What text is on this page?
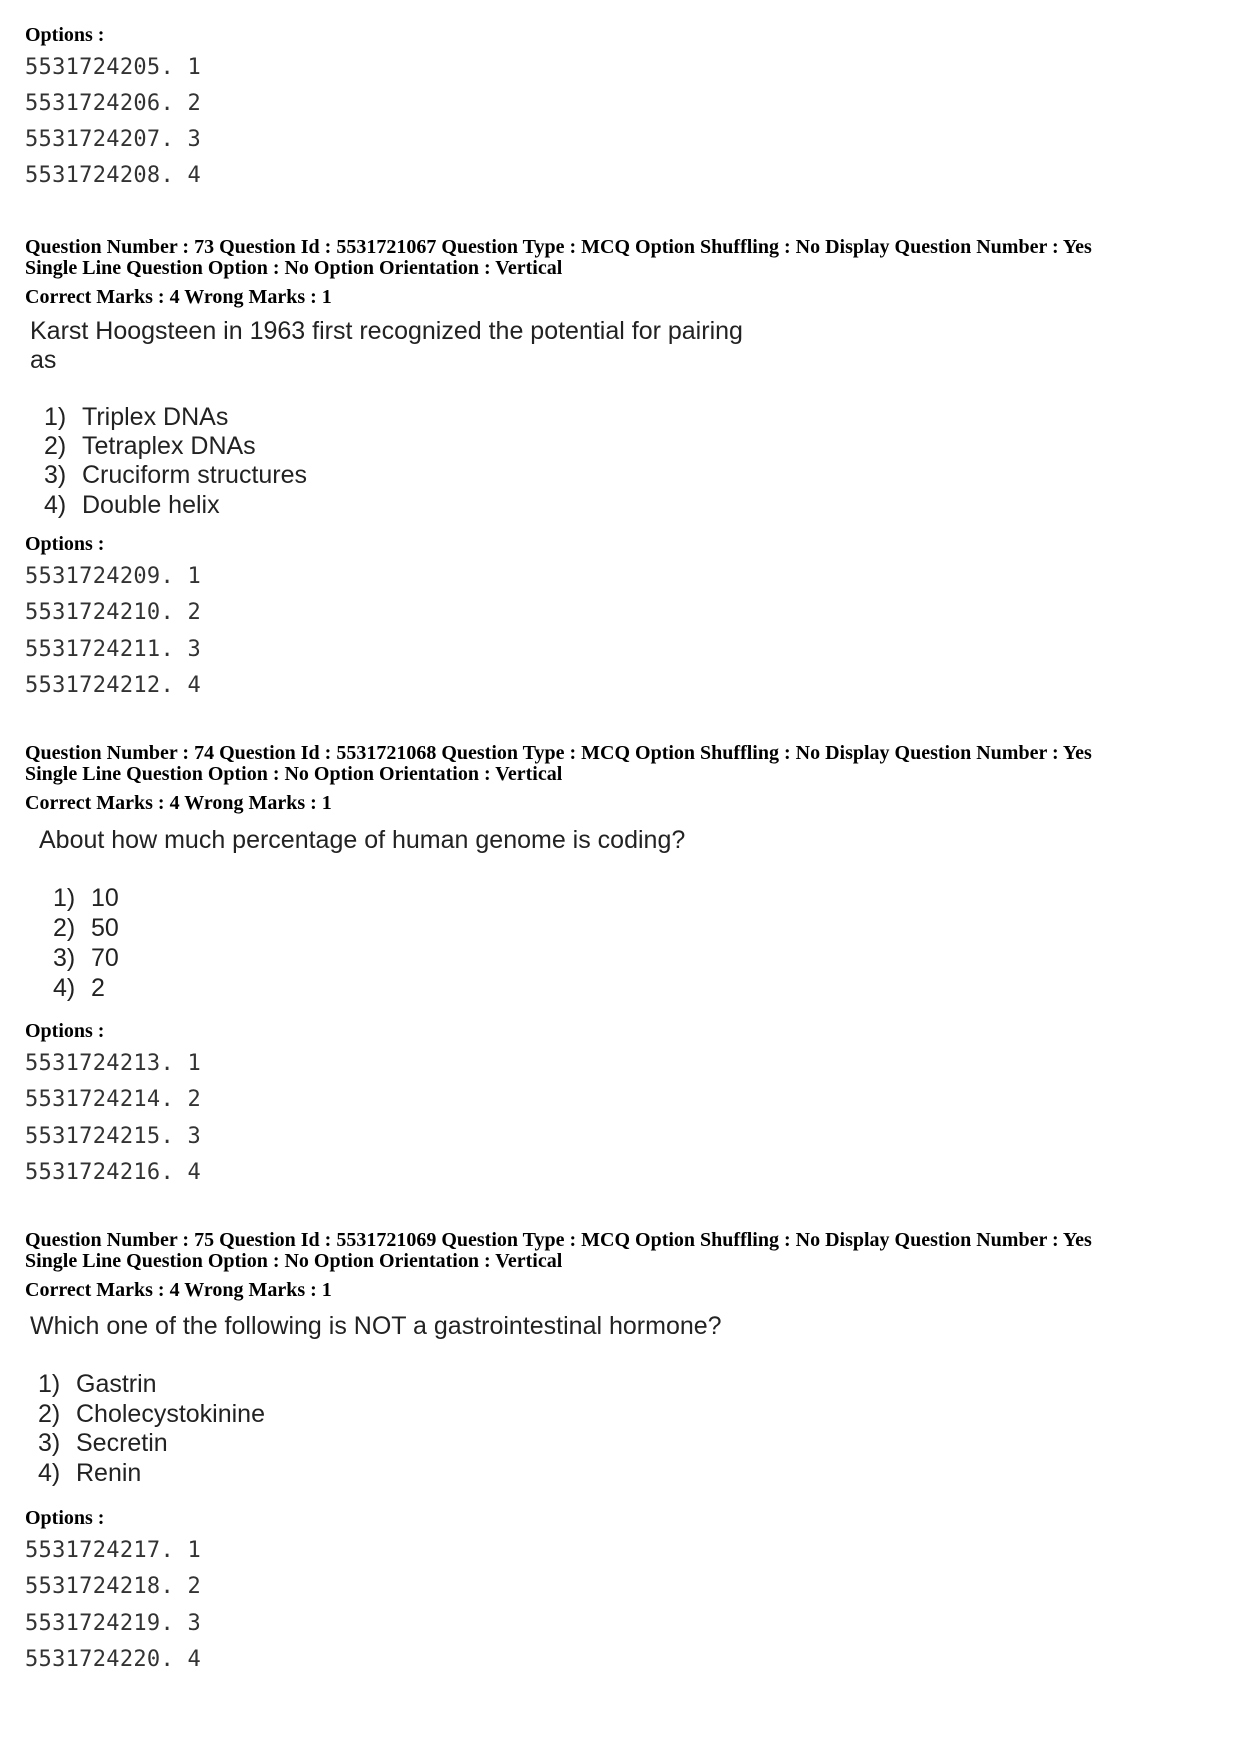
Options :
5531724205. 1
5531724206. 2
5531724207. 3
5531724208. 4
Question Number : 73 Question Id : 5531721067 Question Type : MCQ Option Shuffling : No Display Question Number : Yes
Single Line Question Option : No Option Orientation : Vertical
Correct Marks : 4 Wrong Marks : 1
Karst Hoogsteen in 1963 first recognized the potential for pairing
as
1) Triplex DNAs
2) Tetraplex DNAs
3) Cruciform structures
4) Double helix
Options :
5531724209. 1
5531724210. 2
5531724211. 3
5531724212. 4
Question Number : 74 Question Id : 5531721068 Question Type : MCQ Option Shuffling : No Display Question Number : Yes
Single Line Question Option : No Option Orientation : Vertical
Correct Marks : 4 Wrong Marks : 1
About how much percentage of human genome is coding?
1) 10
2) 50
3) 70
4) 2
Options :
5531724213. 1
5531724214. 2
5531724215. 3
5531724216. 4
Question Number : 75 Question Id : 5531721069 Question Type : MCQ Option Shuffling : No Display Question Number : Yes
Single Line Question Option : No Option Orientation : Vertical
Correct Marks : 4 Wrong Marks : 1
Which one of the following is NOT a gastrointestinal hormone?
1) Gastrin
2) Cholecystokinine
3) Secretin
4) Renin
Options :
5531724217. 1
5531724218. 2
5531724219. 3
5531724220. 4
